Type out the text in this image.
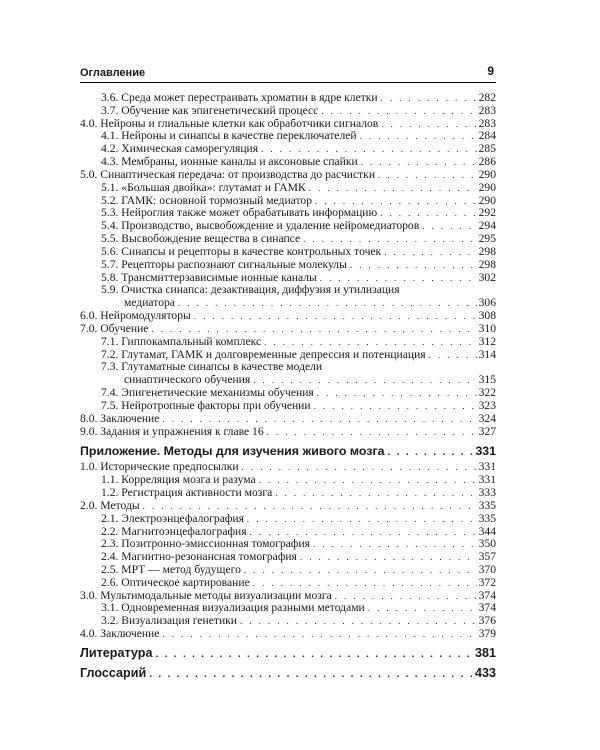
Оглавление	9
3.6. Среда может перестраивать хроматин в ядре клетки . . .	282
3.7. Обучение как эпигенетический процесс . . .	283
4.0. Нейроны и глиальные клетки как обработчики сигналов . . .	283
4.1. Нейроны и синапсы в качестве переключателей . . .	284
4.2. Химическая саморегуляция . . .	285
4.3. Мембраны, ионные каналы и аксоновые спайки . . .	286
5.0. Синаптическая передача: от производства до расчистки . . .	290
5.1. «Большая двойка»: глутамат и ГАМК . . .	290
5.2. ГАМК: основной тормозный медиатор . . .	290
5.3. Нейроглия также может обрабатывать информацию . . .	292
5.4. Производство, высвобождение и удаление нейромедиаторов . . .	294
5.5. Высвобождение вещества в синапсе . . .	295
5.6. Синапсы и рецепторы в качестве контрольных точек . . .	298
5.7. Рецепторы распознают сигнальные молекулы . . .	298
5.8. Трансмиттерзависимые ионные каналы . . .	302
5.9. Очистка синапса: дезактивация, диффузия и утилизация
медиатора . . .	306
6.0. Нейромодуляторы . . .	308
7.0. Обучение . . .	310
7.1. Гиппокампальный комплекс . . .	312
7.2. Глутамат, ГАМК и долговременные депрессия и потенциация . . .	314
7.3. Глутаматные синапсы в качестве модели
синаптического обучения . . .	315
7.4. Эпигенетические механизмы обучения . . .	322
7.5. Нейротропные факторы при обучении . . .	323
8.0. Заключение . . .	324
9.0. Задания и упражнения к главе 16 . . .	327
Приложение. Методы для изучения живого мозга . . .	331
1.0. Исторические предпосылки . . .	331
1.1. Корреляция мозга и разума . . .	331
1.2. Регистрация активности мозга . . .	333
2.0. Методы . . .	335
2.1. Электроэнцефалография . . .	335
2.2. Магнитоэнцефалография . . .	344
2.3. Позитронно-эмиссионная томография . . .	350
2.4. Магнитно-резонансная томография . . .	357
2.5. МРТ — метод будущего . . .	370
2.6. Оптическое картирование . . .	372
3.0. Мультимодальные методы визуализации мозга . . .	374
3.1. Одновременная визуализация разными методами . . .	374
3.2. Визуализация генетики . . .	376
4.0. Заключение . . .	379
Литература . . .	381
Глоссарий . . .	433
